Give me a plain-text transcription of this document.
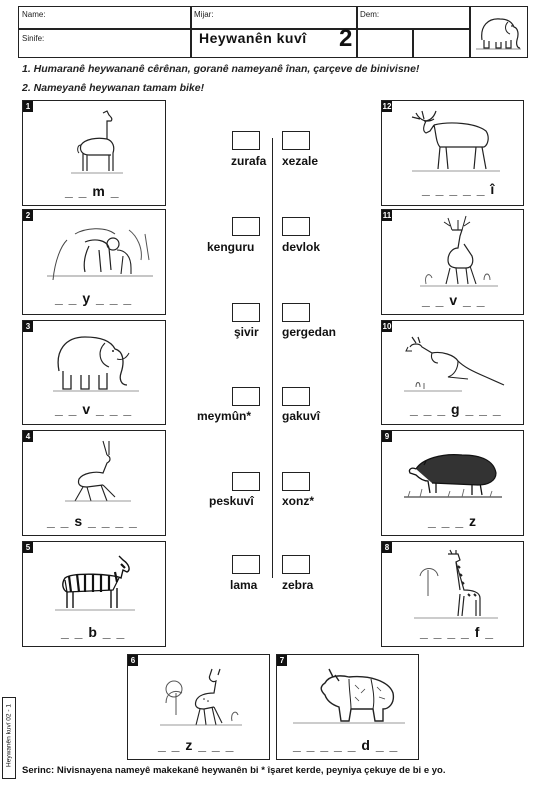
Name:	Mijar:	Dem:
Sinife:	Heywanên kuvî 2
1. Humaranê heywananê cêrênan, goranê nameyanê înan, çarçeve de binivisne!
2. Nameyanê heywanan tamam bike!
1
_ _ m _
2
_ _ y _ _ _
3
_ _ v _ _ _
4
_ _ s _ _ _ _
5
_ _ b _ _
6
_ _ z _ _ _
7
_ _ _ _ _ d _ _
8
_ _ _ _ f _
9
_ _ _ z
10
_ _ _ g _ _ _
11
_ _ v _ _
12
_ _ _ _ _ î
zurafa xezale
kenguru devlok
şivir gergedan
meymûn*	gakuvî
peskuvî xonz*
lama zebra
Serinc: Nivisnayena nameyê makekanê heywanên bi * îşaret kerde, peyniya çekuye de bi e yo.
Heywanên kuvî 02 - 1
